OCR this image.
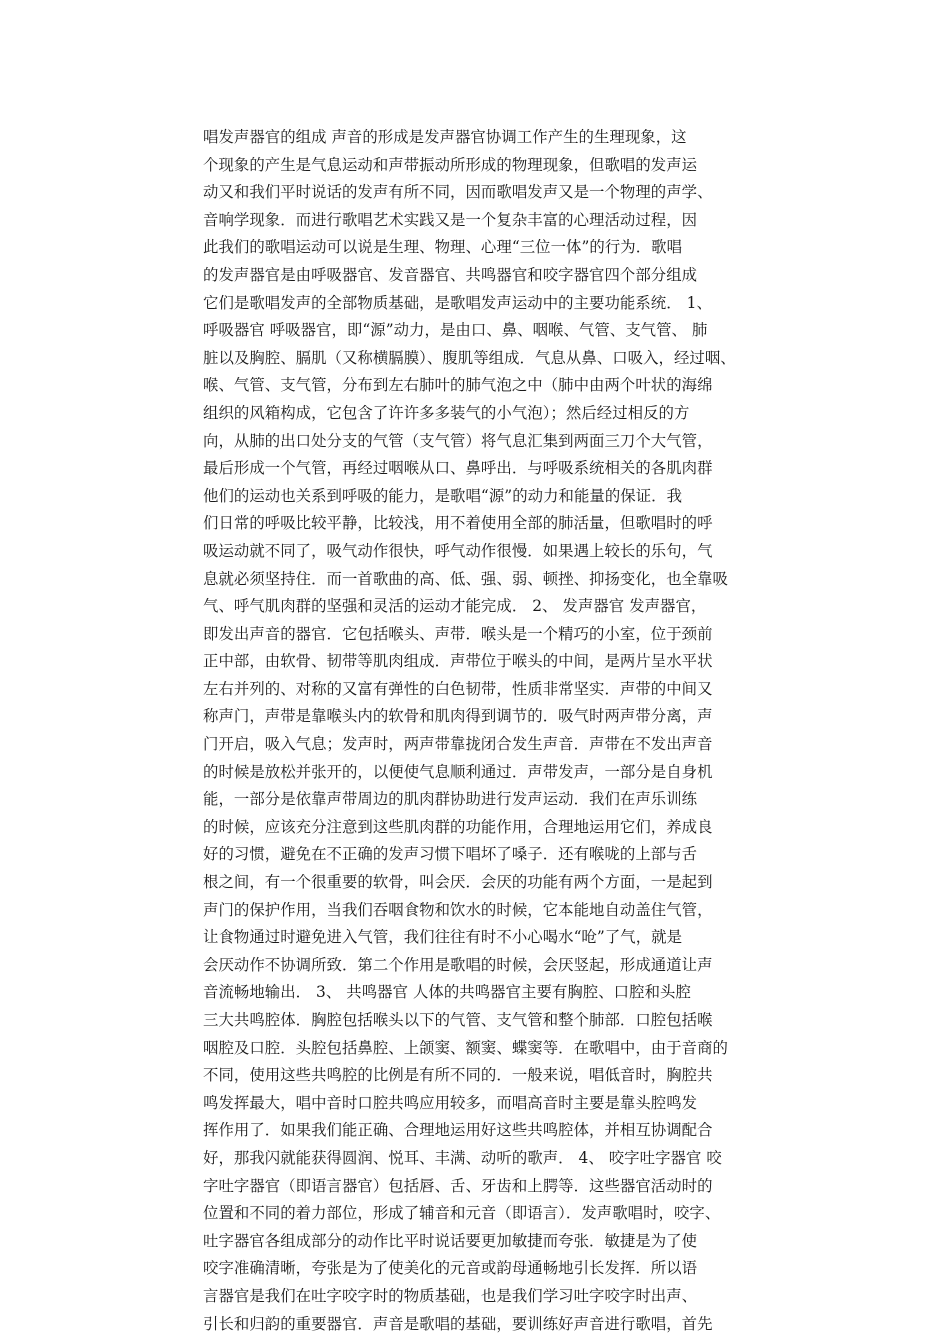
唱发声器官的组成 声音的形成是发声器官协调工作产生的生理现象，这
个现象的产生是气息运动和声带振动所形成的物理现象，但歌唱的发声运
动又和我们平时说话的发声有所不同，因而歌唱发声又是一个物理的声学、
音响学现象．而进行歌唱艺术实践又是一个复杂丰富的心理活动过程，因
此我们的歌唱运动可以说是生理、物理、心理“三位一体”的行为．歌唱
的发声器官是由呼吸器官、发音器官、共鸣器官和咬字器官四个部分组成
它们是歌唱发声的全部物质基础，是歌唱发声运动中的主要功能系统． 1、
呼吸器官 呼吸器官，即“源”动力，是由口、鼻、咽喉、气管、支气管、 肺
脏以及胸腔、膈肌（又称横膈膜）、腹肌等组成．气息从鼻、口吸入，经过咽、
喉、气管、支气管，分布到左右肺叶的肺气泡之中（肺中由两个叶状的海绵
组织的风箱构成，它包含了许许多多装气的小气泡）；然后经过相反的方
向，从肺的出口处分支的气管（支气管）将气息汇集到两面三刀个大气管，
最后形成一个气管，再经过咽喉从口、鼻呼出．与呼吸系统相关的各肌肉群
他们的运动也关系到呼吸的能力，是歌唱“源”的动力和能量的保证．我
们日常的呼吸比较平静，比较浅，用不着使用全部的肺活量，但歌唱时的呼
吸运动就不同了，吸气动作很快，呼气动作很慢．如果遇上较长的乐句，气
息就必须坚持住．而一首歌曲的高、低、强、弱、顿挫、抑扬变化，也全靠吸
气、呼气肌肉群的坚强和灵活的运动才能完成． 2、 发声器官 发声器官，
即发出声音的器官．它包括喉头、声带．喉头是一个精巧的小室，位于颈前
正中部，由软骨、韧带等肌肉组成．声带位于喉头的中间，是两片呈水平状
左右并列的、对称的又富有弹性的白色韧带，性质非常坚实．声带的中间又
称声门，声带是靠喉头内的软骨和肌肉得到调节的．吸气时两声带分离，声
门开启，吸入气息；发声时，两声带靠拢闭合发生声音．声带在不发出声音
的时候是放松并张开的，以便使气息顺利通过．声带发声，一部分是自身机
能，一部分是依靠声带周边的肌肉群协助进行发声运动．我们在声乐训练
的时候，应该充分注意到这些肌肉群的功能作用，合理地运用它们，养成良
好的习惯，避免在不正确的发声习惯下唱坏了嗓子．还有喉咙的上部与舌
根之间，有一个很重要的软骨，叫会厌．会厌的功能有两个方面，一是起到
声门的保护作用，当我们吞咽食物和饮水的时候，它本能地自动盖住气管，
让食物通过时避免进入气管，我们往往有时不小心喝水“呛”了气，就是
会厌动作不协调所致．第二个作用是歌唱的时候，会厌竖起，形成通道让声
音流畅地输出． 3、 共鸣器官 人体的共鸣器官主要有胸腔、口腔和头腔
三大共鸣腔体．胸腔包括喉头以下的气管、支气管和整个肺部．口腔包括喉
咽腔及口腔．头腔包括鼻腔、上颌窦、额窦、蝶窦等．在歌唱中，由于音商的
不同，使用这些共鸣腔的比例是有所不同的．一般来说，唱低音时，胸腔共
鸣发挥最大，唱中音时口腔共鸣应用较多，而唱高音时主要是靠头腔鸣发
挥作用了．如果我们能正确、合理地运用好这些共鸣腔体，并相互协调配合
好，那我闪就能获得圆润、悦耳、丰满、动听的歌声． 4、 咬字吐字器官 咬
字吐字器官（即语言器官）包括唇、舌、牙齿和上腭等．这些器官活动时的
位置和不同的着力部位，形成了辅音和元音（即语言）．发声歌唱时，咬字、
吐字器官各组成部分的动作比平时说话要更加敏捷而夸张．敏捷是为了使
咬字准确清晰，夸张是为了使美化的元音或韵母通畅地引长发挥．所以语
言器官是我们在吐字咬字时的物质基础，也是我们学习吐字咬字时出声、
引长和归韵的重要器官．声音是歌唱的基础，要训练好声音进行歌唱，首先
